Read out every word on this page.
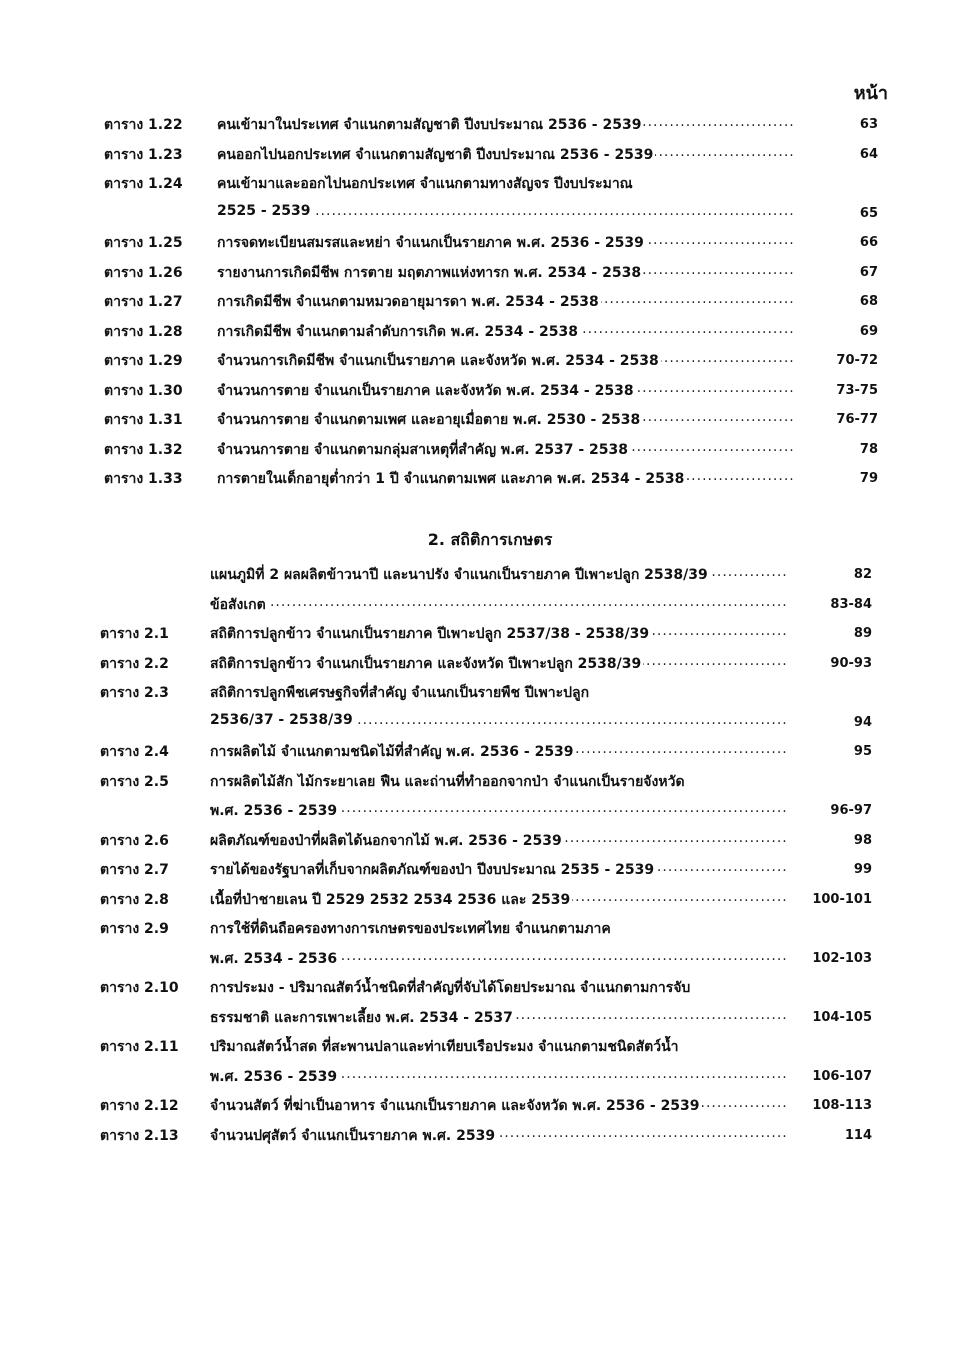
หน้า
ตาราง 1.22 ..... คนเข้ามาในประเทศ จำแนกตามสัญชาติ ปีงบประมาณ 2536 - 2539	63
ตาราง 1.23 ..... คนออกไปนอกประเทศ จำแนกตามสัญชาติ ปีงบประมาณ 2536 - 2539	64
ตาราง 1.24 คนเข้ามาและออกไปนอกประเทศ จำแนกตามทางสัญจร ปีงบประมาณ
.....
2525 - 2539	65
ตาราง 1.25 ..... การจดทะเบียนสมรสและหย่า จำแนกเป็นรายภาค พ.ศ. 2536 - 2539	66
ตาราง 1.26 ..... รายงานการเกิดมีชีพ การตาย มฤตภาพแห่งทารก พ.ศ. 2534 - 2538	67
ตาราง 1.27 ..... การเกิดมีชีพ จำแนกตามหมวดอายุมารดา พ.ศ. 2534 - 2538	68
ตาราง 1.28 ..... การเกิดมีชีพ จำแนกตามลำดับการเกิด พ.ศ. 2534 - 2538	69
ตาราง 1.29 ..... จำนวนการเกิดมีชีพ จำแนกเป็นรายภาค และจังหวัด พ.ศ. 2534 - 2538	70-72
ตาราง 1.30 ..... จำนวนการตาย จำแนกเป็นรายภาค และจังหวัด พ.ศ. 2534 - 2538	73-75
ตาราง 1.31 ..... จำนวนการตาย จำแนกตามเพศ และอายุเมื่อตาย พ.ศ. 2530 - 2538	76-77
ตาราง 1.32 ..... จำนวนการตาย จำแนกตามกลุ่มสาเหตุที่สำคัญ พ.ศ. 2537 - 2538	78
ตาราง 1.33 ..... การตายในเด็กอายุต่ำกว่า 1 ปี จำแนกตามเพศ และภาค พ.ศ. 2534 - 2538	79
2. สถิติการเกษตร
.....
แผนภูมิที่ 2 ผลผลิตข้าวนาปี และนาปรัง จำแนกเป็นรายภาค ปีเพาะปลูก 2538/39	82
.....
ข้อสังเกต	83-84
ตาราง 2.1 .....	สถิติการปลูกข้าว จำแนกเป็นรายภาค ปีเพาะปลูก 2537/38 - 2538/39	89
ตาราง 2.2 .....	สถิติการปลูกข้าว จำแนกเป็นรายภาค และจังหวัด ปีเพาะปลูก 2538/39	90-93
ตาราง 2.3	สถิติการปลูกพืชเศรษฐกิจที่สำคัญ จำแนกเป็นรายพืช ปีเพาะปลูก
.....
2536/37 - 2538/39	94
ตาราง 2.4 .....	การผลิตไม้ จำแนกตามชนิดไม้ที่สำคัญ พ.ศ. 2536 - 2539	95
ตาราง 2.5	การผลิตไม้สัก ไม้กระยาเลย ฟืน และถ่านที่ทำออกจากป่า จำแนกเป็นรายจังหวัด
.....
พ.ศ. 2536 - 2539	96-97
ตาราง 2.6 .....	ผลิตภัณฑ์ของป่าที่ผลิตได้นอกจากไม้ พ.ศ. 2536 - 2539	98
ตาราง 2.7 .....	รายได้ของรัฐบาลที่เก็บจากผลิตภัณฑ์ของป่า ปีงบประมาณ 2535 - 2539	99
ตาราง 2.8 .....	เนื้อที่ป่าชายเลน ปี 2529 2532 2534 2536 และ 2539	100-101
ตาราง 2.9	การใช้ที่ดินถือครองทางการเกษตรของประเทศไทย จำแนกตามภาค
.....
พ.ศ. 2534 - 2536	102-103
ตาราง 2.10 การประมง - ปริมาณสัตว์น้ำชนิดที่สำคัญที่จับได้โดยประมาณ จำแนกตามการจับ
.....
ธรรมชาติ และการเพาะเลี้ยง พ.ศ. 2534 - 2537	104-105
ตาราง 2.11 ปริมาณสัตว์น้ำสด ที่สะพานปลาและท่าเทียบเรือประมง จำแนกตามชนิดสัตว์น้ำ
.....
พ.ศ. 2536 - 2539	106-107
ตาราง 2.12 ..... จำนวนสัตว์ ที่ฆ่าเป็นอาหาร จำแนกเป็นรายภาค และจังหวัด พ.ศ. 2536 - 2539	108-113
ตาราง 2.13 ..... จำนวนปศุสัตว์ จำแนกเป็นรายภาค พ.ศ. 2539	114
